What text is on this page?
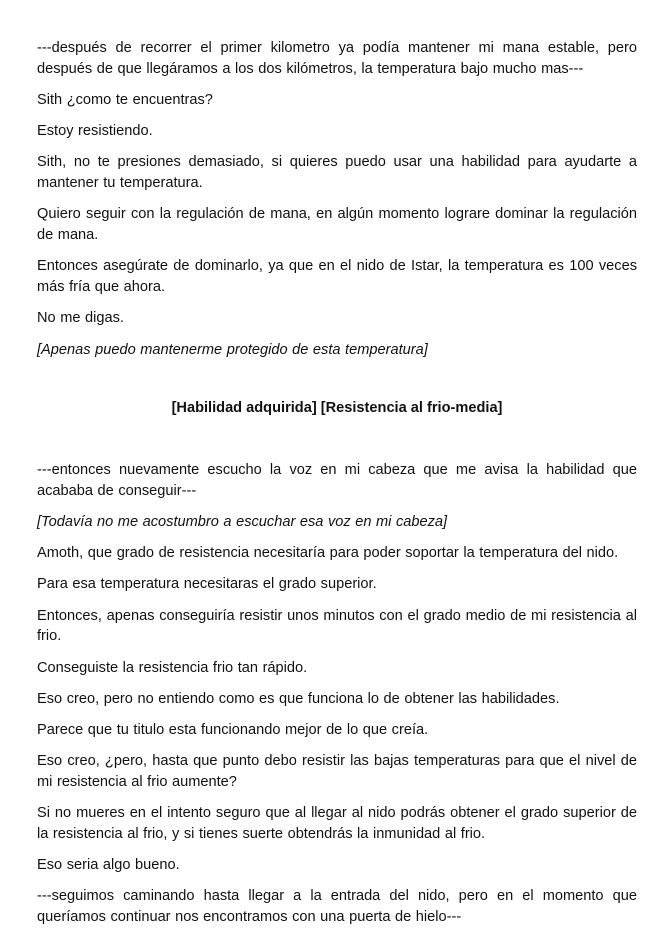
---después de recorrer el primer kilometro ya podía mantener mi mana estable, pero después de que llegáramos a los dos kilómetros, la temperatura bajo mucho mas---

Sith ¿como te encuentras?

Estoy resistiendo.

Sith, no te presiones demasiado, si quieres puedo usar una habilidad para ayudarte a mantener tu temperatura.

Quiero seguir con la regulación de mana, en algún momento lograre dominar la regulación de mana.

Entonces asegúrate de dominarlo, ya que en el nido de Istar, la temperatura es 100 veces más fría que ahora.

No me digas.

[Apenas puedo mantenerme protegido de esta temperatura]

[Habilidad adquirida] [Resistencia al frio-media]

---entonces nuevamente escucho la voz en mi cabeza que me avisa la habilidad que acababa de conseguir---

[Todavía no me acostumbro a escuchar esa voz en mi cabeza]

Amoth, que grado de resistencia necesitaría para poder soportar la temperatura del nido.

Para esa temperatura necesitaras el grado superior.

Entonces, apenas conseguiría resistir unos minutos con el grado medio de mi resistencia al frio.

Conseguiste la resistencia frio tan rápido.

Eso creo, pero no entiendo como es que funciona lo de obtener las habilidades.

Parece que tu titulo esta funcionando mejor de lo que creía.

Eso creo, ¿pero, hasta que punto debo resistir las bajas temperaturas para que el nivel de mi resistencia al frio aumente?

Si no mueres en el intento seguro que al llegar al nido podrás obtener el grado superior de la resistencia al frio, y si tienes suerte obtendrás la inmunidad al frio.

Eso seria algo bueno.

---seguimos caminando hasta llegar a la entrada del nido, pero en el momento que queríamos continuar nos encontramos con una puerta de hielo---
